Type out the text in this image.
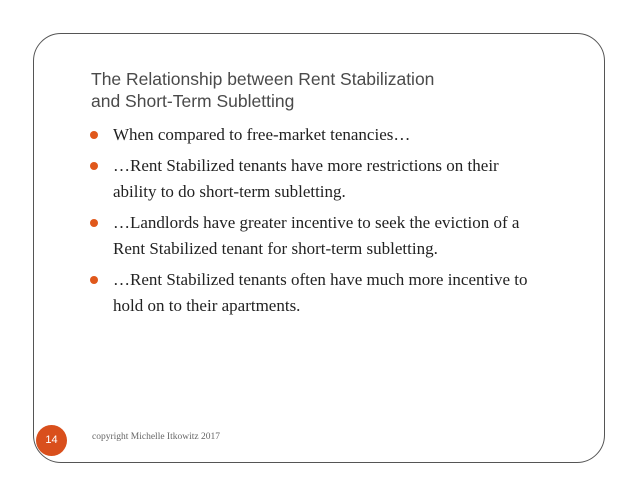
The Relationship between Rent Stabilization
and Short-Term Subletting
When compared to free-market tenancies…
…Rent Stabilized tenants have more restrictions on their
ability to do short-term subletting.
…Landlords have greater incentive to seek the eviction of a
Rent Stabilized tenant for short-term subletting.
…Rent Stabilized tenants often have much more incentive to
hold on to their apartments.
14	copyright Michelle Itkowitz 2017
